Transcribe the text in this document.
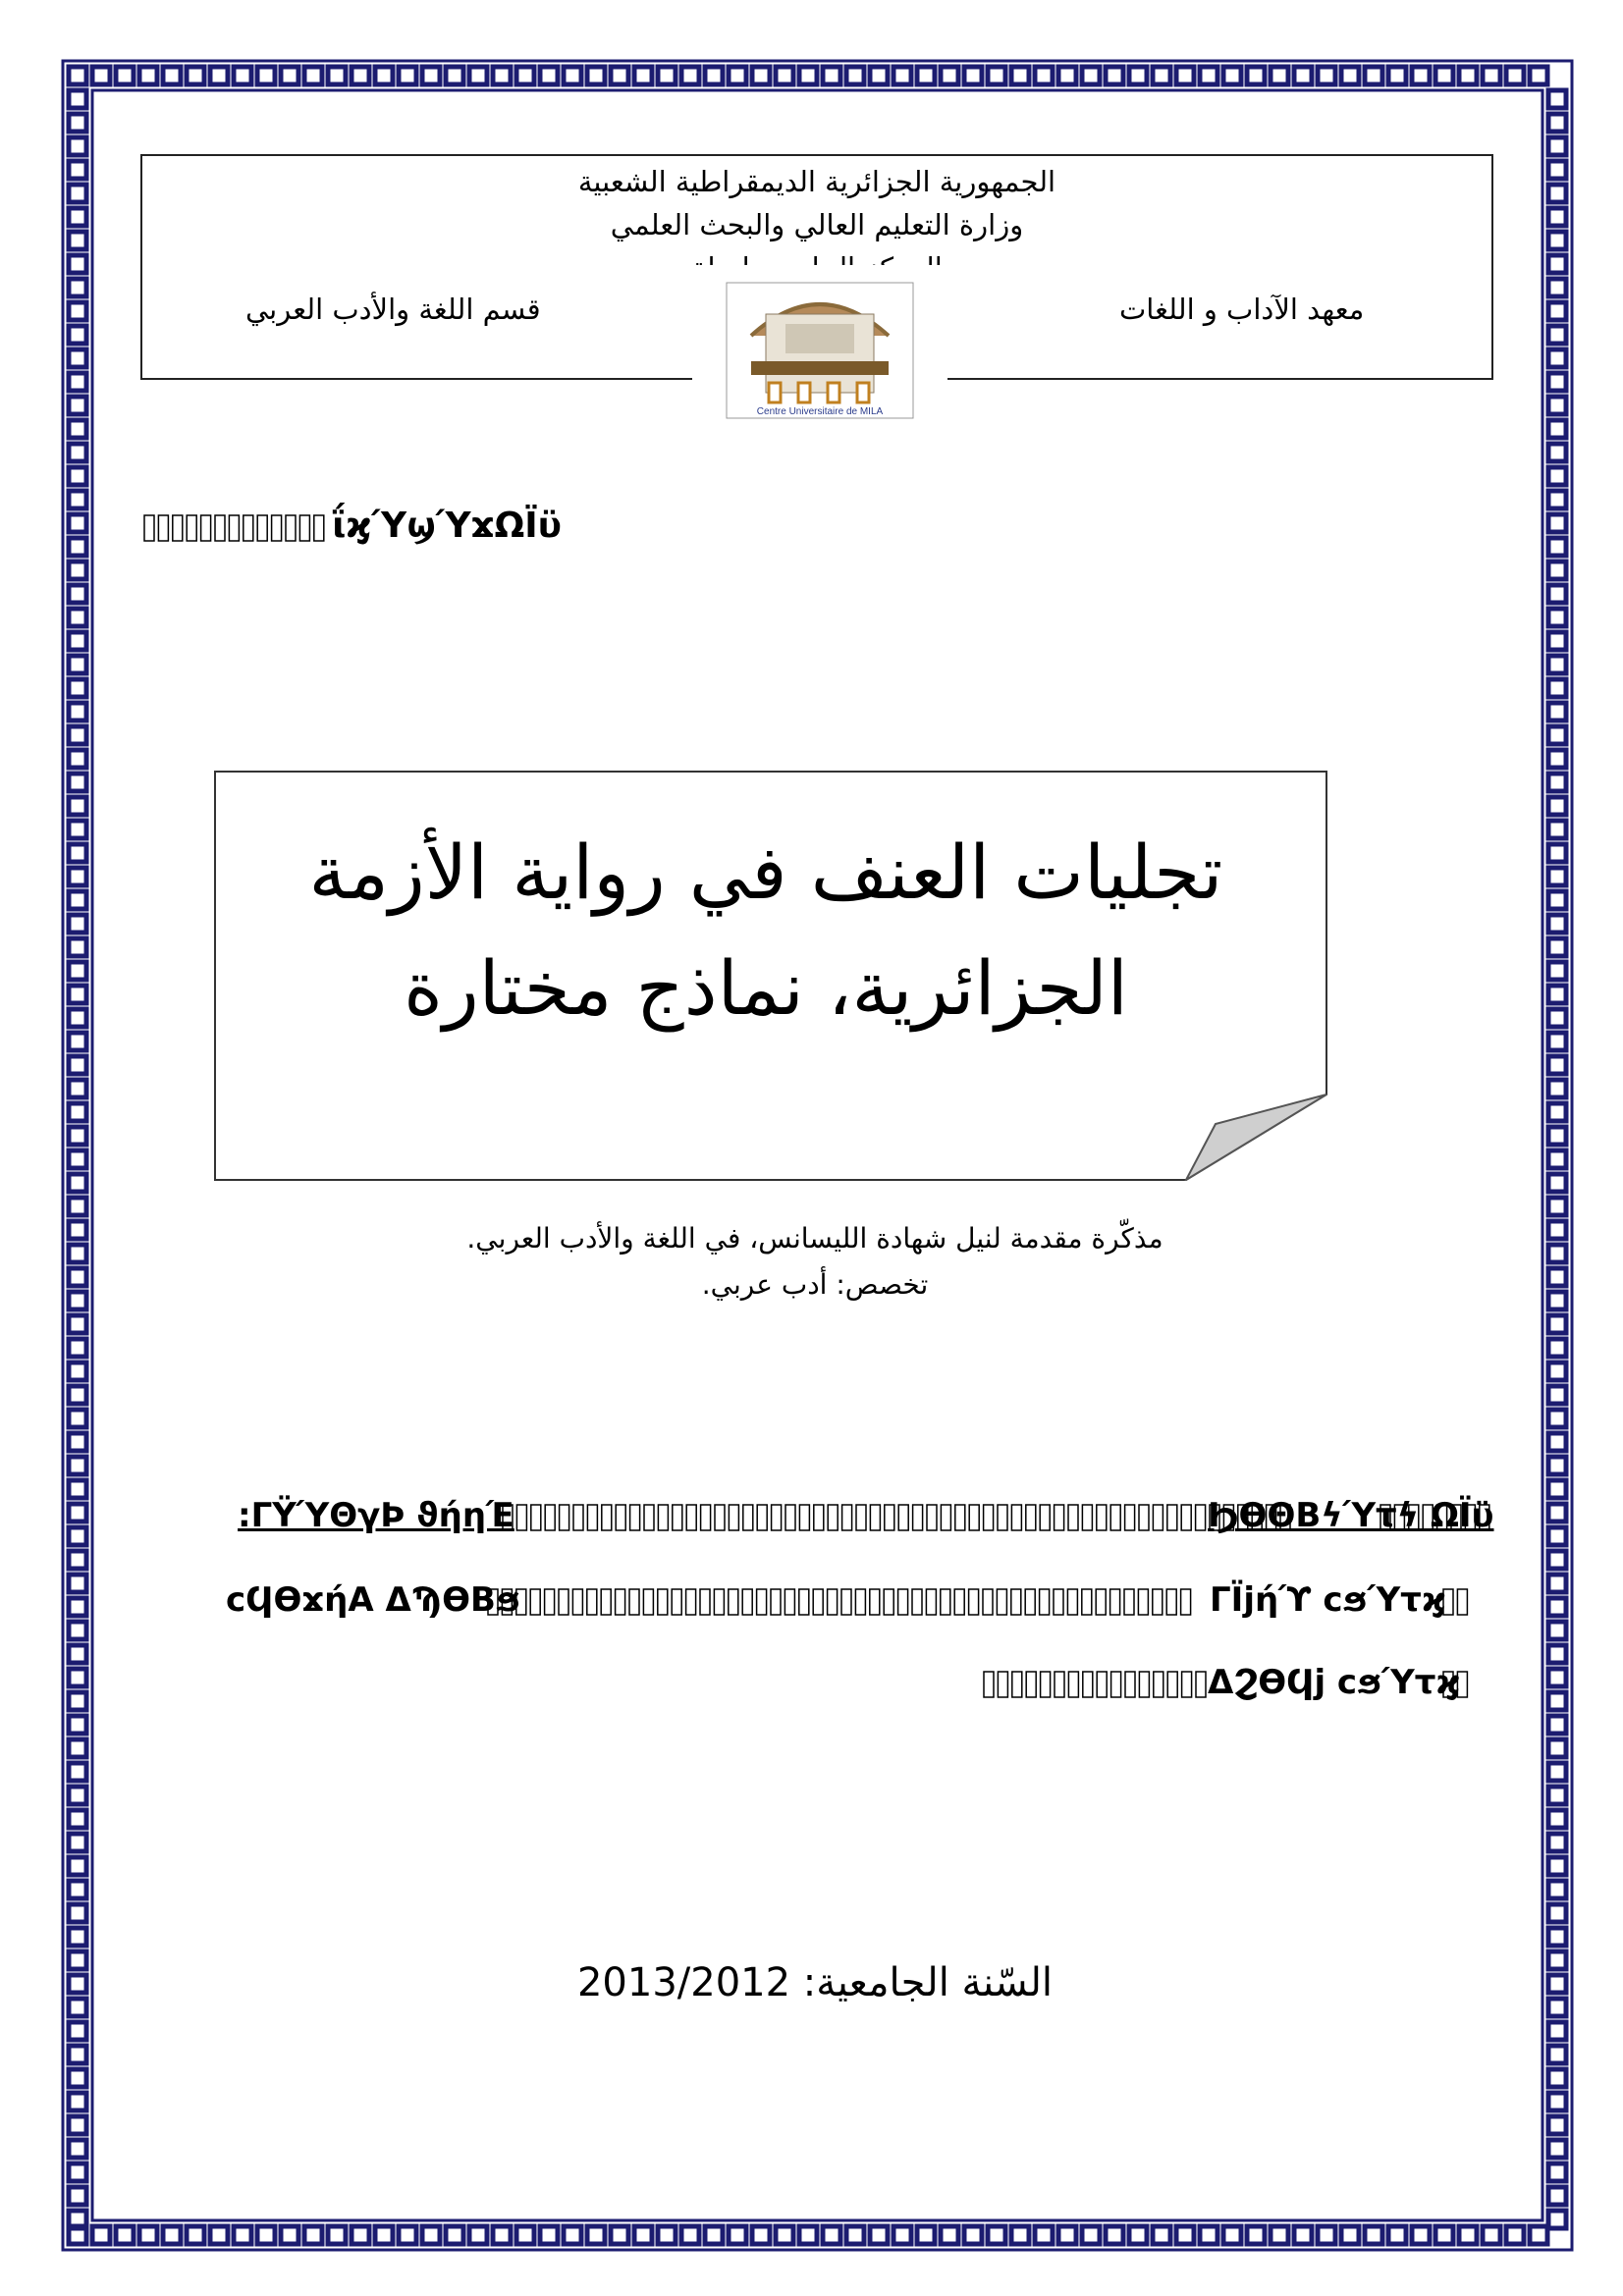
الجمهورية الجزائرية الديمقراطية الشعبية
وزارة التعليم العالي والبحث العلمي
معهد الآداب و اللغات
قسم اللغة والأدب العربي
Centre Universitaire de MILA
ΐϗΎϣΎϫΩΪϋ
تجليات العنف في رواية الأزمة
الجزائرية، نماذج مختارة
مذكّرة مقدمة لنيل شهادة الليسانس، في اللغة والأدب العربي.
تخصص: أدب عربي.
:ΓΫΎΘγϷ ϑήηΈ	ϦϴΘΒϟΎτϟ ΩΪϋ
ϲϤϴϫήΑ ΔϠϴΒϧ	ΓΪϳήϓ ϲϧΎτϗ
ΔϨϴϤϳ ϲϧΎτϗ
السّنة الجامعية: 2013/2012
